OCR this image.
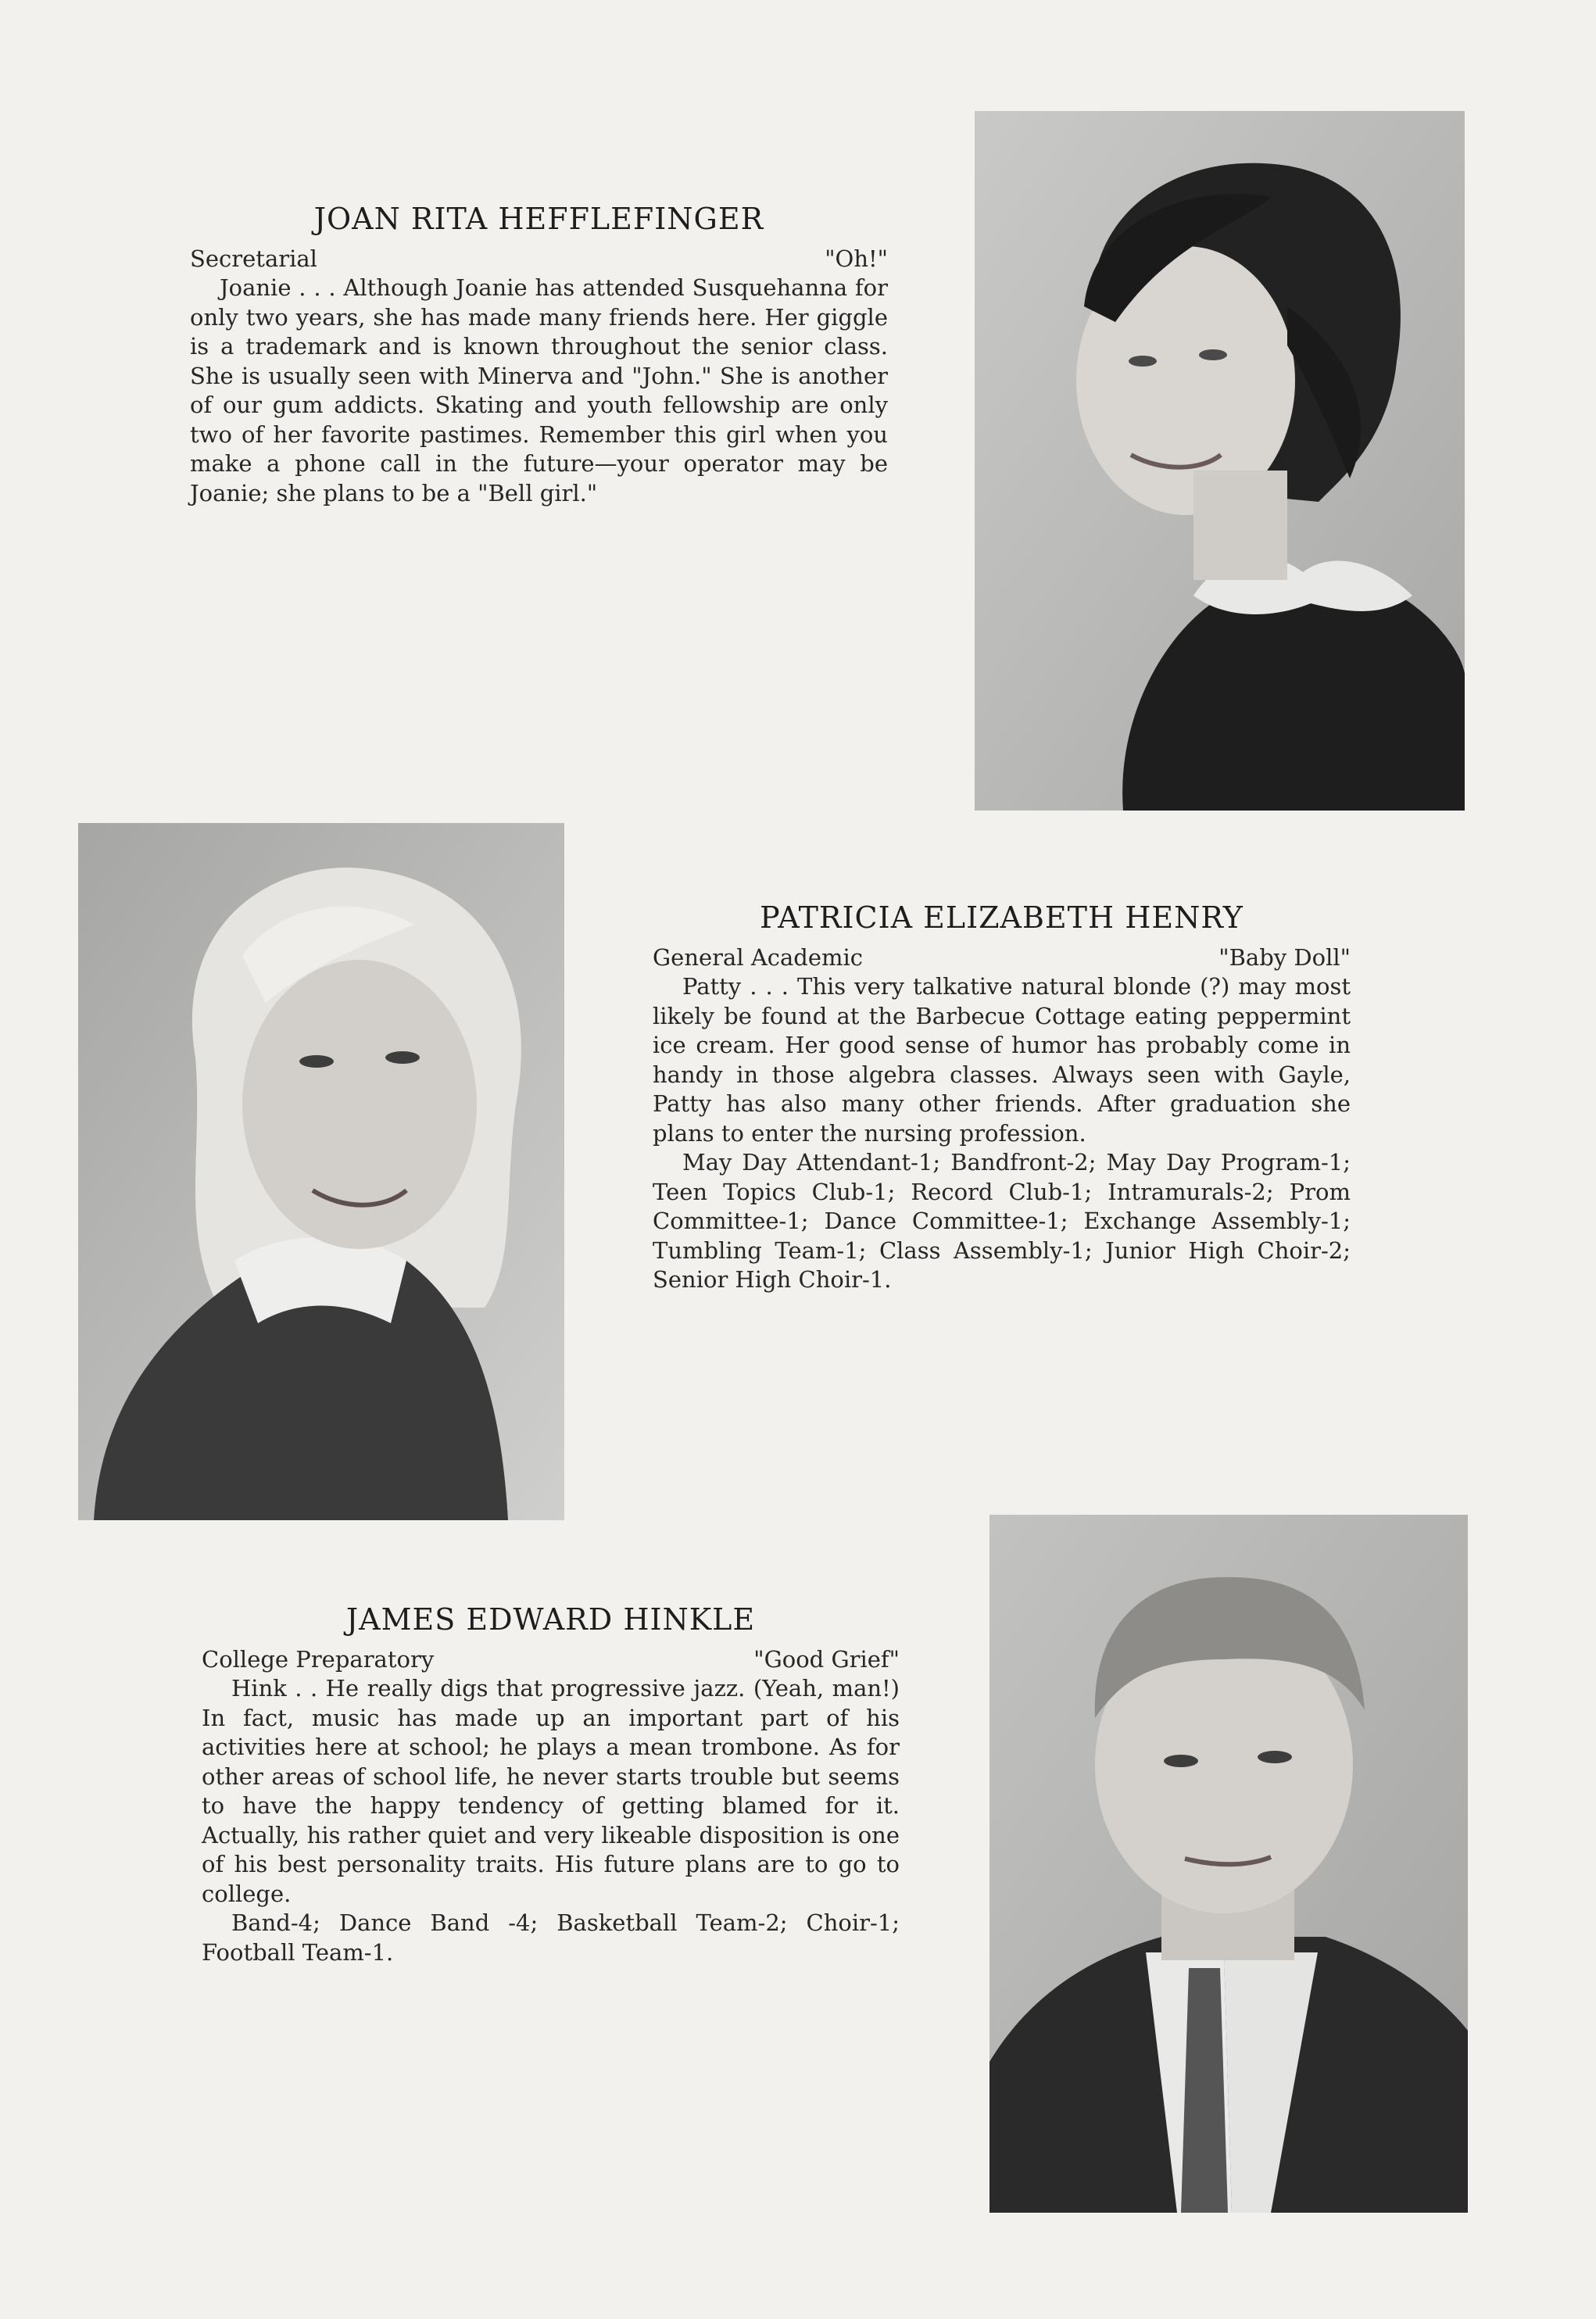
JOAN RITA HEFFLEFINGER
Secretarial	"Oh!"

Joanie . . . Although Joanie has attended Susquehanna for only two years, she has made many friends here. Her giggle is a trademark and is known throughout the senior class. She is usually seen with Minerva and "John." She is another of our gum addicts. Skating and youth fellowship are only two of her favorite pastimes. Remember this girl when you make a phone call in the future—your operator may be Joanie; she plans to be a "Bell girl."

PATRICIA ELIZABETH HENRY
General Academic	"Baby Doll"

Patty . . . This very talkative natural blonde (?) may most likely be found at the Barbecue Cottage eating peppermint ice cream. Her good sense of humor has probably come in handy in those algebra classes. Always seen with Gayle, Patty has also many other friends. After graduation she plans to enter the nursing profession.

May Day Attendant-1; Bandfront-2; May Day Program-1; Teen Topics Club-1; Record Club-1; Intramurals-2; Prom Committee-1; Dance Committee-1; Exchange Assembly-1; Tumbling Team-1; Class Assembly-1; Junior High Choir-2; Senior High Choir-1.

JAMES EDWARD HINKLE
College Preparatory	"Good Grief"

Hink . . He really digs that progressive jazz. (Yeah, man!) In fact, music has made up an important part of his activities here at school; he plays a mean trombone. As for other areas of school life, he never starts trouble but seems to have the happy tendency of getting blamed for it. Actually, his rather quiet and very likeable disposition is one of his best personality traits. His future plans are to go to college.

Band-4; Dance Band -4; Basketball Team-2; Choir-1; Football Team-1.
